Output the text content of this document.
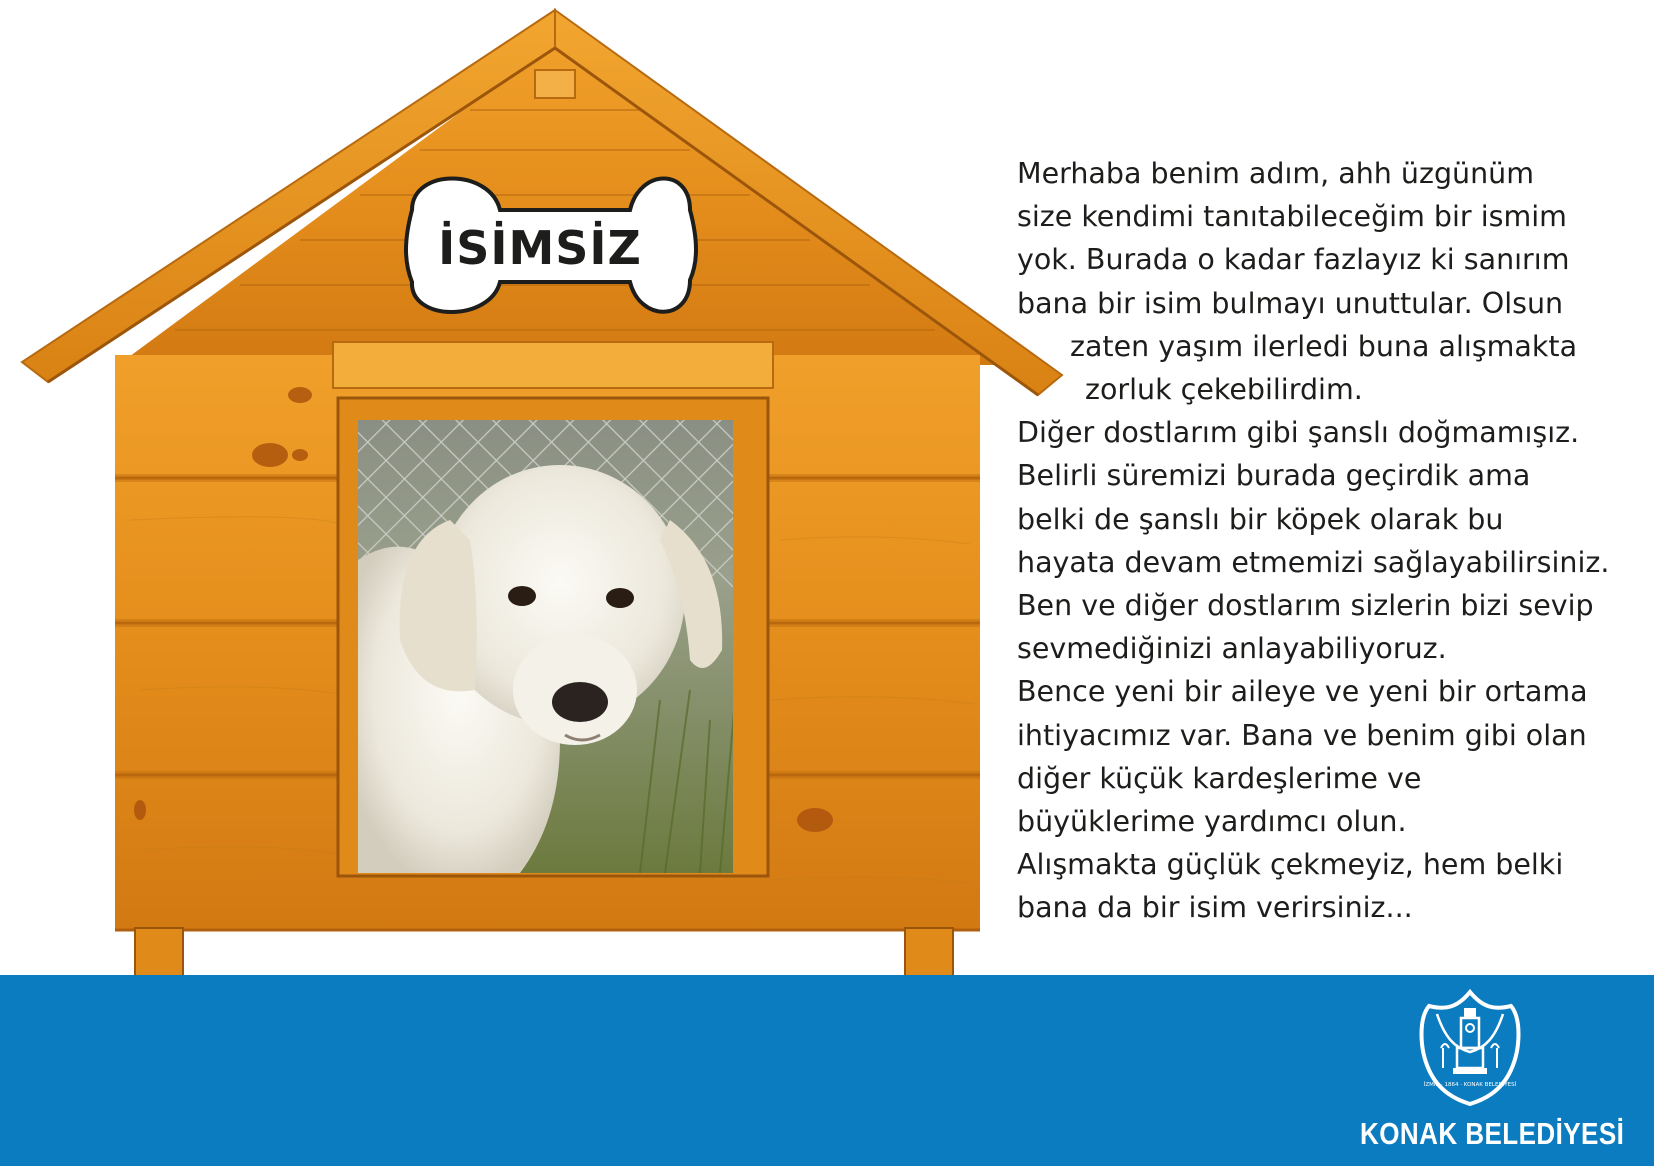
İSİMSİZ
Merhaba benim adım, ahh üzgünüm
size kendimi tanıtabileceğim bir ismim
yok. Burada o kadar fazlayız ki sanırım
bana bir isim bulmayı unuttular. Olsun
zaten yaşım ilerledi buna alışmakta
zorluk çekebilirdim.
Diğer dostlarım gibi şanslı doğmamışız.
Belirli süremizi burada geçirdik ama
belki de şanslı bir köpek olarak bu
hayata devam etmemizi sağlayabilirsiniz.
Ben ve diğer dostlarım sizlerin bizi sevip
sevmediğinizi anlayabiliyoruz.
Bence yeni bir aileye ve yeni bir ortama
ihtiyacımız var. Bana ve benim gibi olan
diğer küçük kardeşlerime ve
büyüklerime yardımcı olun.
Alışmakta güçlük çekmeyiz, hem belki
bana da bir isim verirsiniz...
İZMİR · 1864 · KONAK BELEDİYESİ
KONAK BELEDİYESİ
